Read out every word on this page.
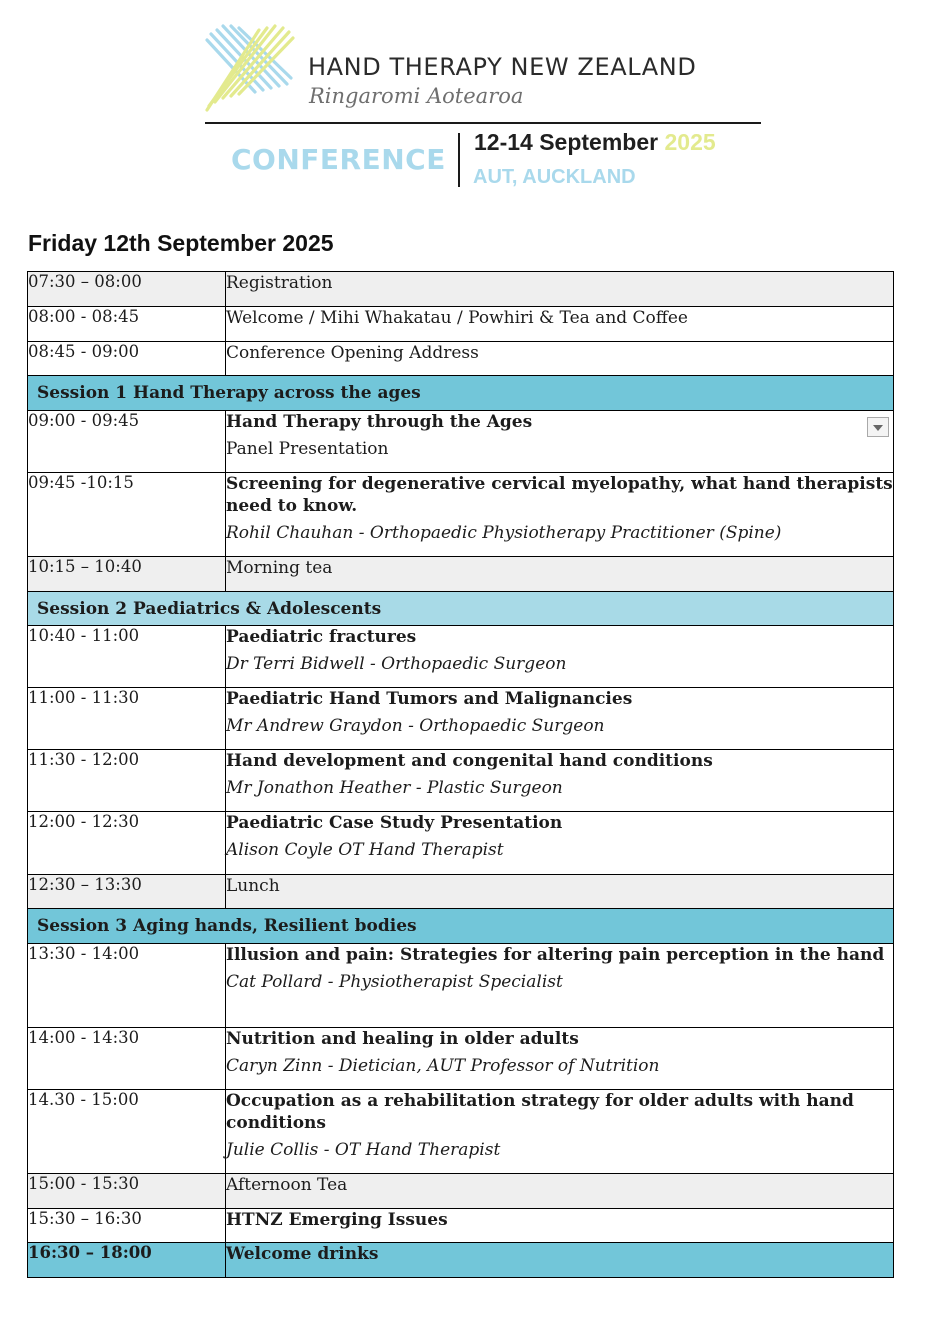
HAND THERAPY NEW ZEALAND
Ringaromi Aotearoa
CONFERENCE
12-14 September 2025
AUT, AUCKLAND
Friday 12th September 2025
07:30 – 08:00	Registration

08:00 - 08:45	Welcome / Mihi Whakatau / Powhiri & Tea and Coffee

08:45 - 09:00	Conference Opening Address

Session 1 Hand Therapy across the ages	
09:00 - 09:45	Hand Therapy through the Ages
Panel Presentation

09:45 -10:15	Screening for degenerative cervical myelopathy, what hand therapists need to know.
Rohil Chauhan - Orthopaedic Physiotherapy Practitioner (Spine)

10:15 – 10:40	Morning tea

Session 2 Paediatrics & Adolescents	
10:40 - 11:00	Paediatric fractures
Dr Terri Bidwell - Orthopaedic Surgeon

11:00 - 11:30	Paediatric Hand Tumors and Malignancies
Mr Andrew Graydon - Orthopaedic Surgeon

11:30 - 12:00	Hand development and congenital hand conditions
Mr Jonathon Heather - Plastic Surgeon

12:00 - 12:30	Paediatric Case Study Presentation
Alison Coyle OT Hand Therapist

12:30 – 13:30	Lunch

Session 3 Aging hands, Resilient bodies	
13:30 - 14:00	Illusion and pain: Strategies for altering pain perception in the hand
Cat Pollard - Physiotherapist Specialist

14:00 - 14:30	Nutrition and healing in older adults
Caryn Zinn - Dietician, AUT Professor of Nutrition

14.30 - 15:00	Occupation as a rehabilitation strategy for older adults with hand conditions
Julie Collis - OT Hand Therapist

15:00 - 15:30	Afternoon Tea

15:30 – 16:30	HTNZ Emerging Issues

16:30 – 18:00	Welcome drinks
